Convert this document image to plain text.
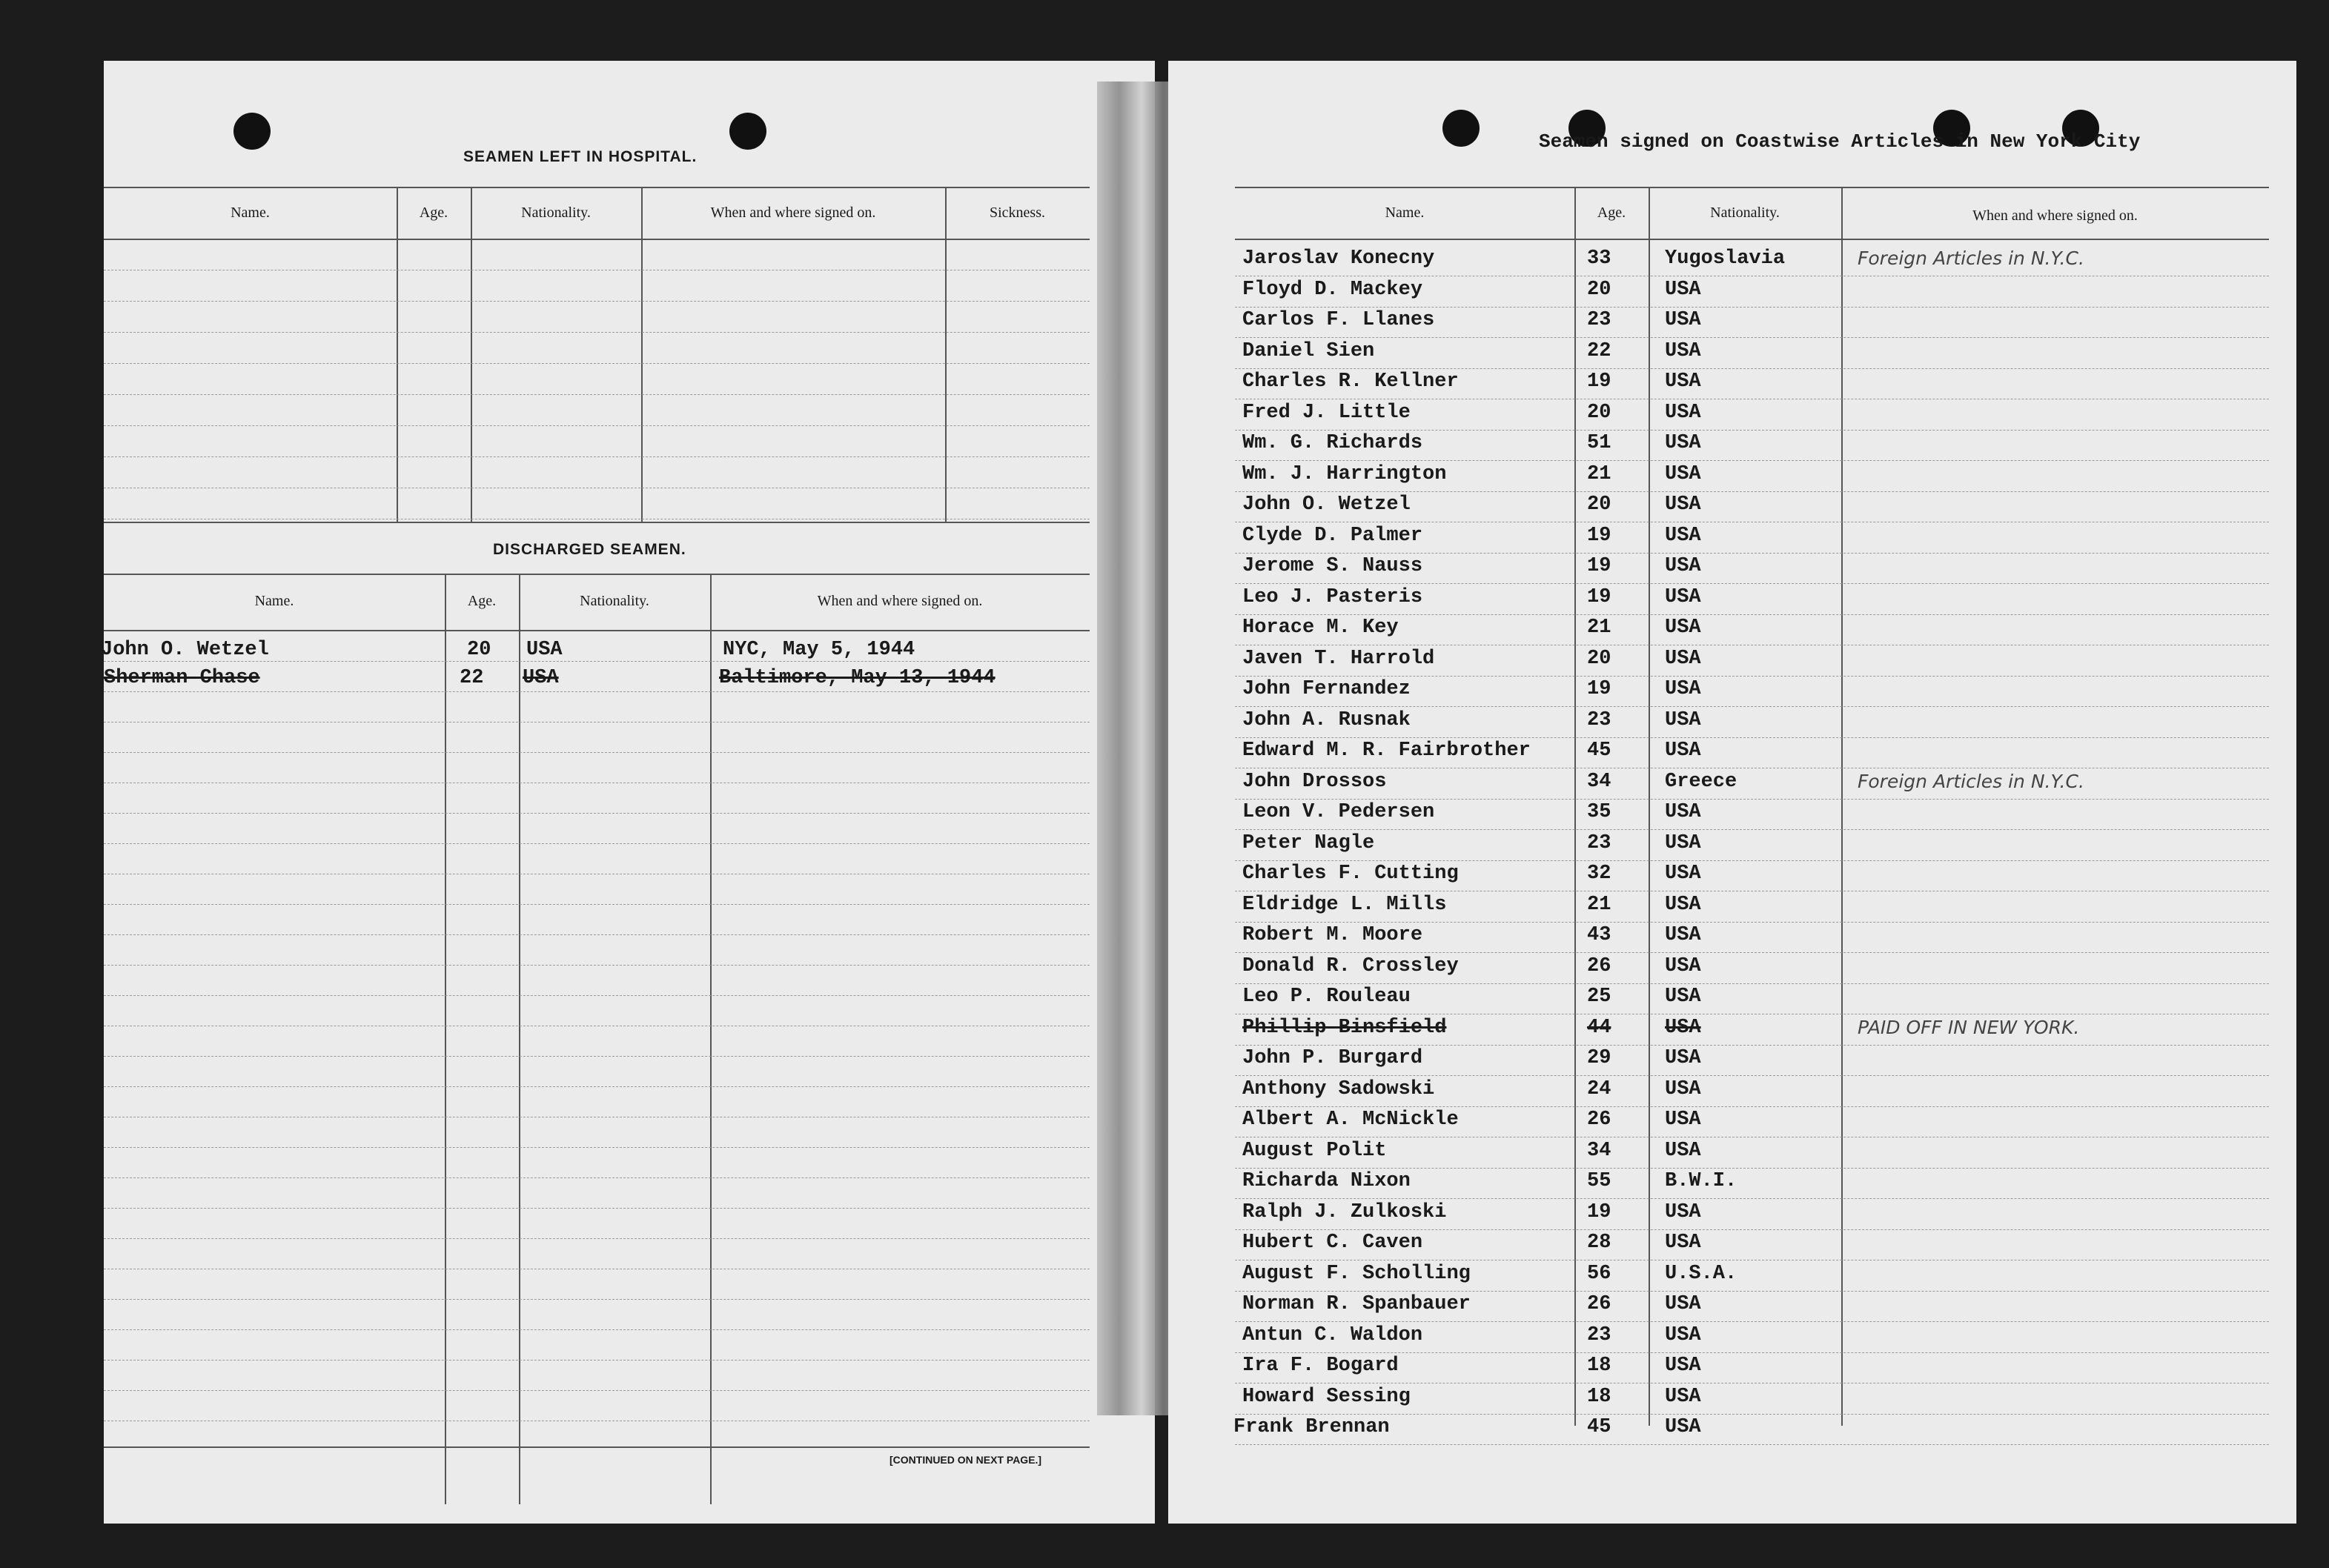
SEAMEN LEFT IN HOSPITAL.
Name.	Age.	Nationality.	When and where signed on.	Sickness.
DISCHARGED SEAMEN.
Name.	Age.	Nationality.	When and where signed on.
John O. Wetzel	20 USA	NYC, May 5, 1944
Sherman Chase	22 USA	Baltimore, May 13, 1944
[CONTINUED ON NEXT PAGE.]
Seamen signed on Coastwise Articles in New York City
Name.	Age.	Nationality.	When and where signed on.
Jaroslav Konecny	33	Yugoslavia	Foreign Articles in N.Y.C.
Floyd D. Mackey	20	USA
Carlos F. Llanes	23	USA
Daniel Sien	22	USA
Charles R. Kellner	19	USA
Fred J. Little	20	USA
Wm. G. Richards	51	USA
Wm. J. Harrington	21	USA
John O. Wetzel	20	USA
Clyde D. Palmer	19	USA
Jerome S. Nauss	19	USA
Leo J. Pasteris	19	USA
Horace M. Key	21	USA
Javen T. Harrold	20	USA
John Fernandez	19	USA
John A. Rusnak	23	USA
Edward M. R. Fairbrother	45	USA
John Drossos	34	Greece	Foreign Articles in N.Y.C.
Leon V. Pedersen	35	USA
Peter Nagle	23	USA
Charles F. Cutting	32	USA
Eldridge L. Mills	21	USA
Robert M. Moore	43	USA
Donald R. Crossley	26	USA
Leo P. Rouleau	25	USA
Phillip Binsfield	44	USA	PAID OFF IN NEW YORK.
John P. Burgard	29	USA
Anthony Sadowski	24	USA
Albert A. McNickle	26	USA
August Polit	34	USA
Richarda Nixon	55	B.W.I.
Ralph J. Zulkoski	19	USA
Hubert C. Caven	28	USA
August F. Scholling	56	U.S.A.
Norman R. Spanbauer	26	USA
Antun C. Waldon	23	USA
Ira F. Bogard	18	USA
Howard Sessing	18	USA
Frank Brennan	45	USA
